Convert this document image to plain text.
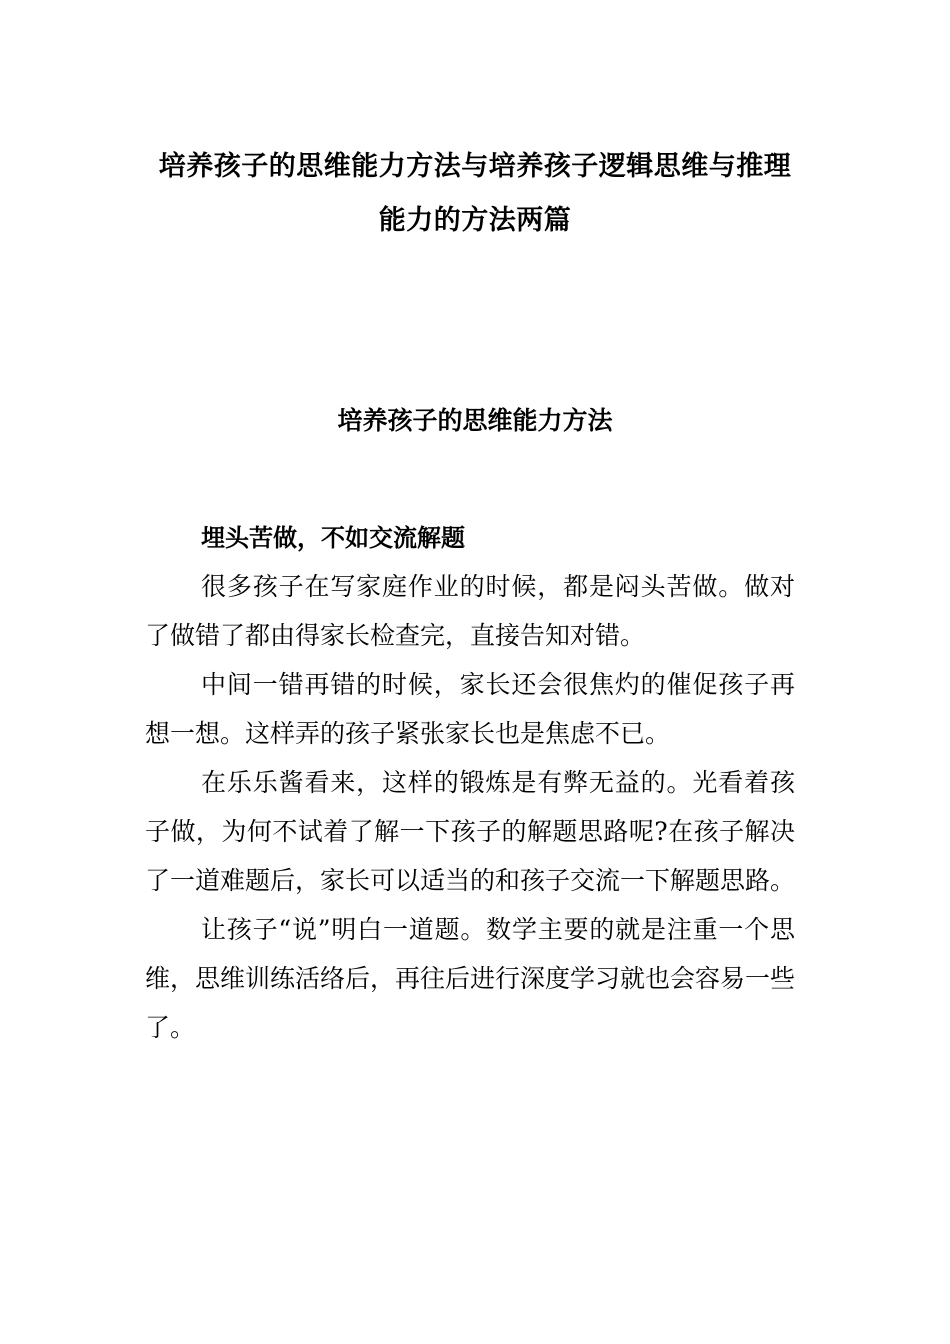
培养孩子的思维能力方法与培养孩子逻辑思维与推理
能力的方法两篇
培养孩子的思维能力方法
埋头苦做，不如交流解题

很多孩子在写家庭作业的时候，都是闷头苦做。做对了做错了都由得家长检查完，直接告知对错。

中间一错再错的时候，家长还会很焦灼的催促孩子再想一想。这样弄的孩子紧张家长也是焦虑不已。

在乐乐酱看来，这样的锻炼是有弊无益的。光看着孩子做，为何不试着了解一下孩子的解题思路呢?在孩子解决了一道难题后，家长可以适当的和孩子交流一下解题思路。

让孩子“说”明白一道题。数学主要的就是注重一个思维，思维训练活络后，再往后进行深度学习就也会容易一些了。
